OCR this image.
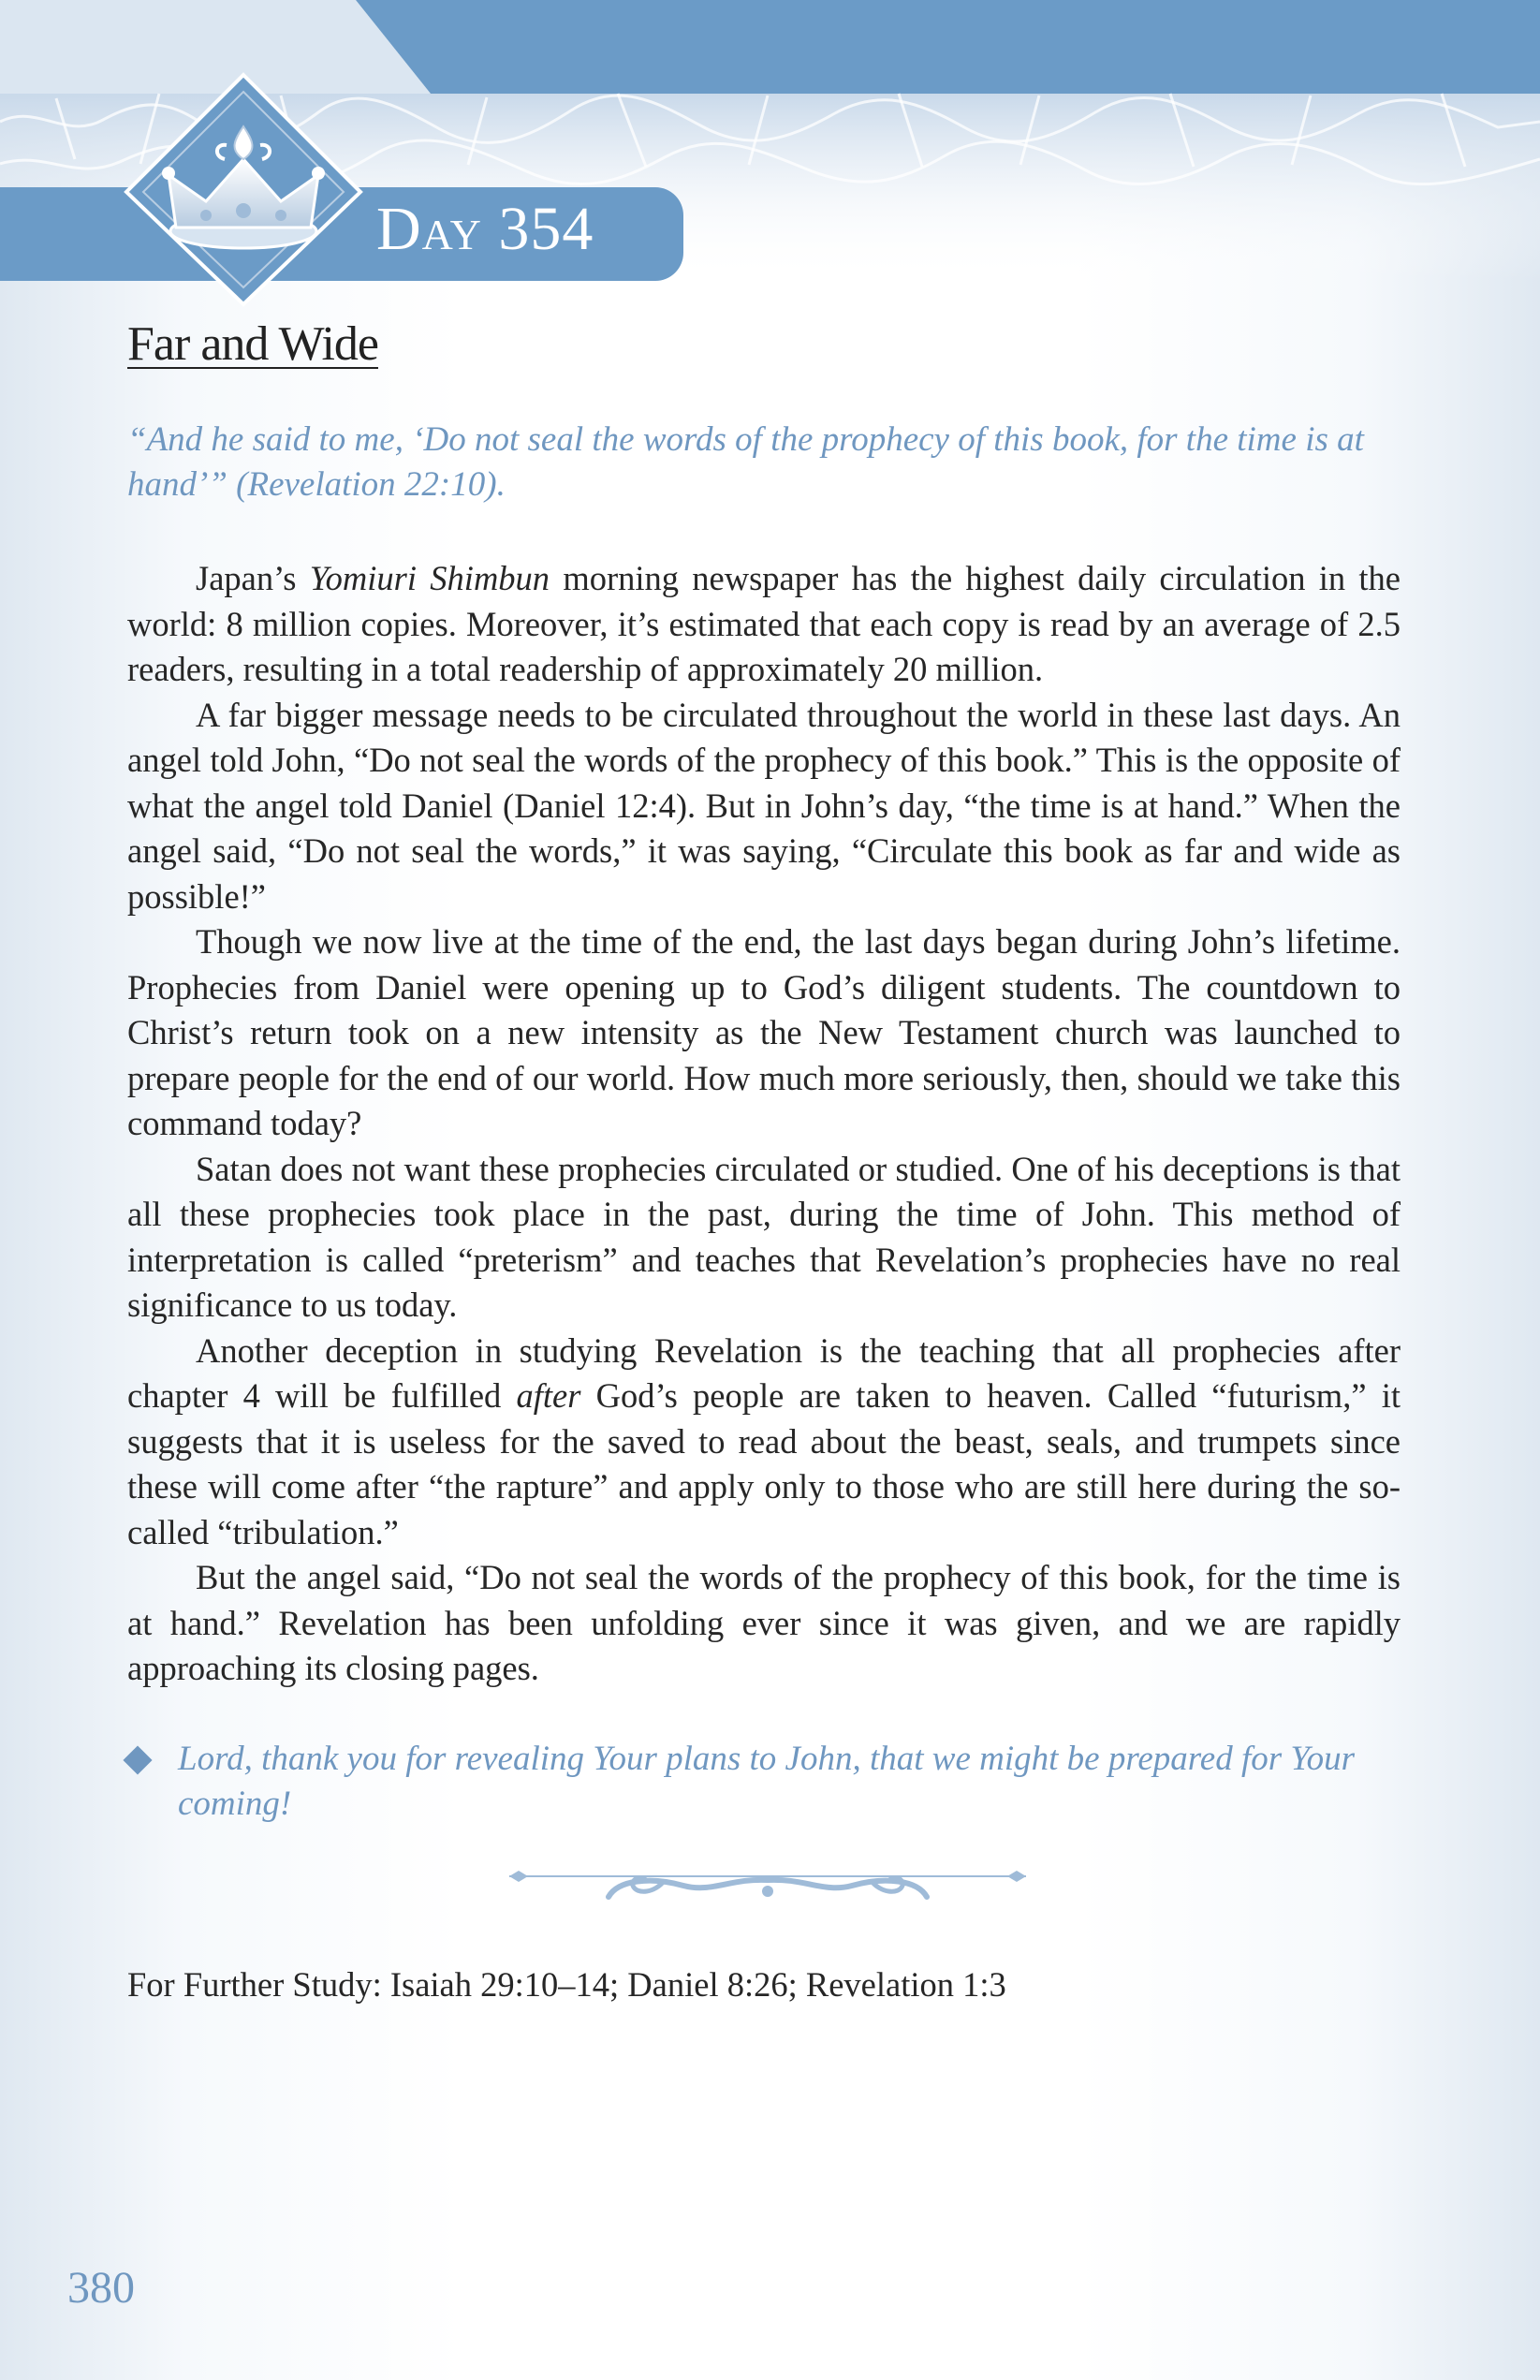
Day 354
Far and Wide
“And he said to me, ‘Do not seal the words of the prophecy of this book, for the time is at hand’” (Revelation 22:10).

Japan’s Yomiuri Shimbun morning newspaper has the highest daily circulation in the world: 8 million copies. Moreover, it’s estimated that each copy is read by an average of 2.5 readers, resulting in a total readership of approximately 20 million.

A far bigger message needs to be circulated throughout the world in these last days. An angel told John, “Do not seal the words of the prophecy of this book.” This is the opposite of what the angel told Daniel (Daniel 12:4). But in John’s day, “the time is at hand.” When the angel said, “Do not seal the words,” it was saying, “Circulate this book as far and wide as possible!”

Though we now live at the time of the end, the last days began during John’s lifetime. Prophecies from Daniel were opening up to God’s diligent students. The countdown to Christ’s return took on a new intensity as the New Testament church was launched to prepare people for the end of our world. How much more seriously, then, should we take this command today?

Satan does not want these prophecies circulated or studied. One of his deceptions is that all these prophecies took place in the past, during the time of John. This method of interpretation is called “preterism” and teaches that Revelation’s prophecies have no real significance to us today.

Another deception in studying Revelation is the teaching that all prophecies after chapter 4 will be fulfilled after God’s people are taken to heaven. Called “futurism,” it suggests that it is useless for the saved to read about the beast, seals, and trumpets since these will come after “the rapture” and apply only to those who are still here during the so-called “tribulation.”

But the angel said, “Do not seal the words of the prophecy of this book, for the time is at hand.” Revelation has been unfolding ever since it was given, and we are rapidly approaching its closing pages.

Lord, thank you for revealing Your plans to John, that we might be prepared for Your coming!
For Further Study: Isaiah 29:10–14; Daniel 8:26; Revelation 1:3
380
